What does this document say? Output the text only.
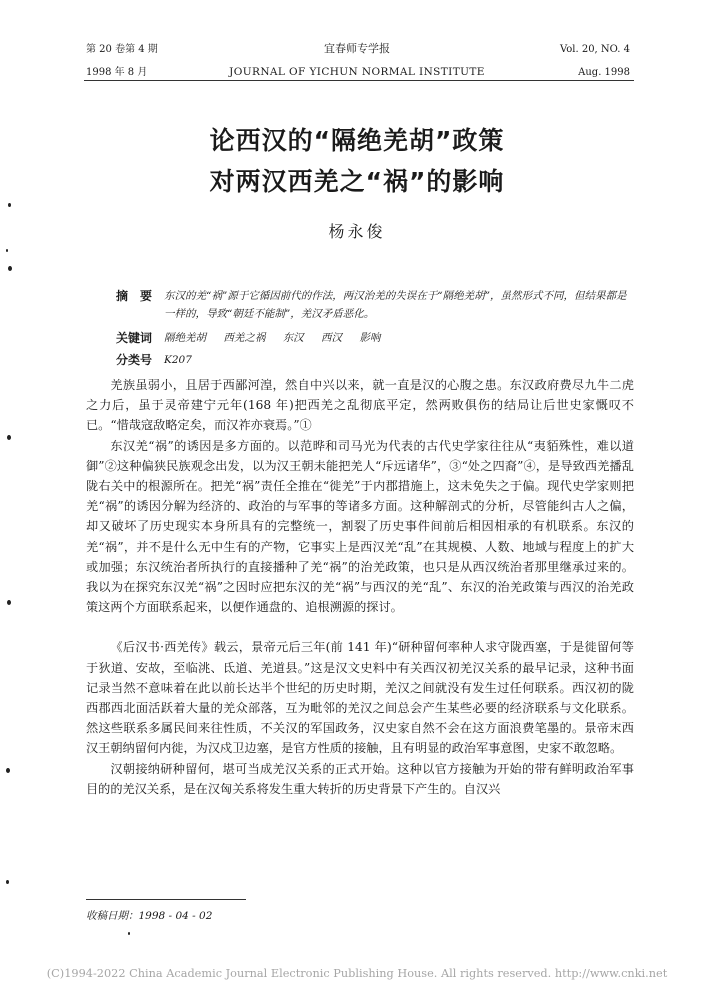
第 20 卷第 4 期
1998 年 8 月
宜春师专学报
JOURNAL OF YICHUN NORMAL INSTITUTE
Vol. 20, NO. 4
Aug. 1998
论西汉的“隔绝羌胡”政策
对两汉西羌之“祸”的影响
杨永俊
摘　要 东汉的羌“祸”源于它循因前代的作法，两汉治羌的失误在于“隔绝羌胡”，虽然形式不同，但结果都是一样的，导致“朝廷不能制”，羌汉矛盾恶化。
关键词 隔绝羌胡 西羌之祸 东汉 西汉 影响
分类号 K207

羌族虽弱小，且居于西鄙河湟，然自中兴以来，就一直是汉的心腹之患。东汉政府费尽九牛二虎之力后，虽于灵帝建宁元年(168 年)把西羌之乱彻底平定，然两败俱伤的结局让后世史家慨叹不已。“惜哉寇敌略定矣，而汉祚亦衰焉。”①

东汉羌“祸”的诱因是多方面的。以范晔和司马光为代表的古代史学家往往从“夷貊殊性，难以道御”②这种偏狭民族观念出发，以为汉王朝未能把羌人“斥远诸华”，③“处之四裔”④，是导致西羌播乱陇右关中的根源所在。把羌“祸”责任全推在“徙羌”于内郡措施上，这未免失之于偏。现代史学家则把羌“祸”的诱因分解为经济的、政治的与军事的等诸多方面。这种解剖式的分析，尽管能纠古人之偏，却又破坏了历史现实本身所具有的完整统一，割裂了历史事件间前后相因相承的有机联系。东汉的羌“祸”，并不是什么无中生有的产物，它事实上是西汉羌“乱”在其规模、人数、地域与程度上的扩大或加强；东汉统治者所执行的直接播种了羌“祸”的治羌政策，也只是从西汉统治者那里继承过来的。我以为在探究东汉羌“祸”之因时应把东汉的羌“祸”与西汉的羌“乱”、东汉的治羌政策与西汉的治羌政策这两个方面联系起来，以便作通盘的、追根溯源的探讨。

《后汉书·西羌传》载云，景帝元后三年(前 141 年)“研种留何率种人求守陇西塞，于是徙留何等于狄道、安故，至临洮、氐道、羌道县。”这是汉文史料中有关西汉初羌汉关系的最早记录，这种书面记录当然不意味着在此以前长达半个世纪的历史时期，羌汉之间就没有发生过任何联系。西汉初的陇西郡西北面活跃着大量的羌众部落，互为毗邻的羌汉之间总会产生某些必要的经济联系与文化联系。然这些联系多属民间来往性质，不关汉的军国政务，汉史家自然不会在这方面浪费笔墨的。景帝末西汉王朝纳留何内徙，为汉戍卫边塞，是官方性质的接触，且有明显的政治军事意图，史家不敢忽略。

汉朝接纳研种留何，堪可当成羌汉关系的正式开始。这种以官方接触为开始的带有鲜明政治军事目的的羌汉关系，是在汉匈关系将发生重大转折的历史背景下产生的。自汉兴

收稿日期：1998 - 04 - 02
(C)1994-2022 China Academic Journal Electronic Publishing House. All rights reserved. http://www.cnki.net
